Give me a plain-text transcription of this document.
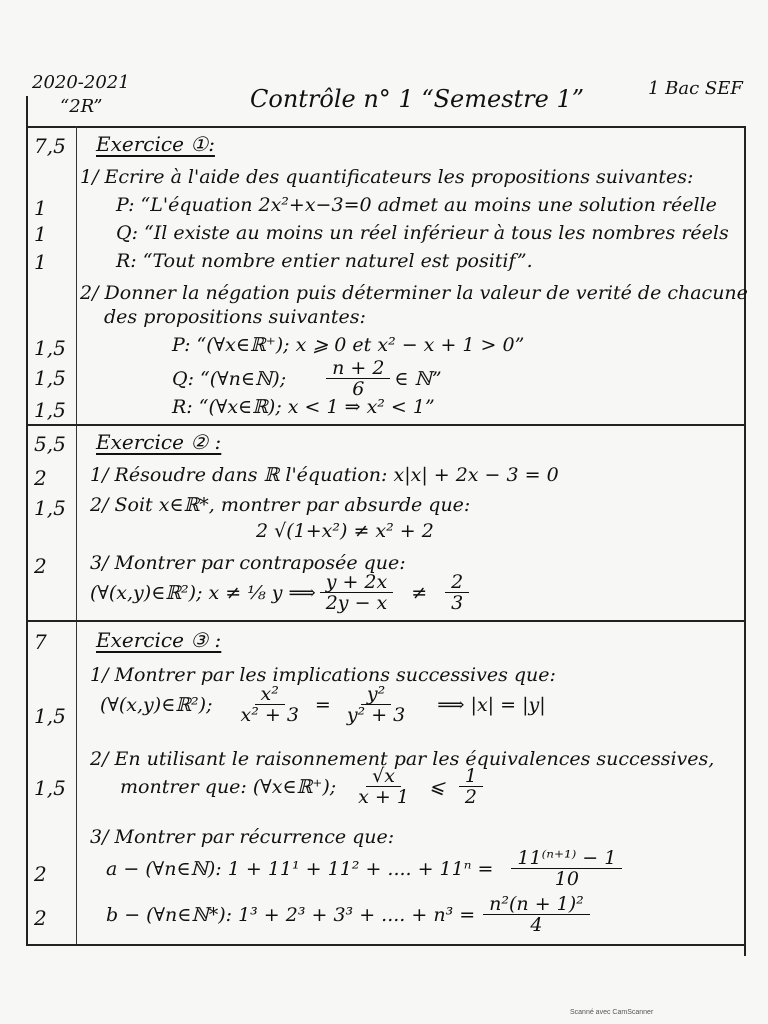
2020-2021
“2R”	Contrôle n° 1 “Semestre 1”	1 Bac SEF
7,5 Exercice ①:
1/ Ecrire à l'aide des quantificateurs les propositions suivantes:
1	P: “L'équation 2x²+x−3=0 admet au moins une solution réelle
1	Q: “Il existe au moins un réel inférieur à tous les nombres réels
1	R: “Tout nombre entier naturel est positif”.
2/ Donner la négation puis déterminer la valeur de verité de chacune
des propositions suivantes:
1,5	P: “(∀x∈ℝ⁺); x ⩾ 0 et x² − x + 1 > 0”
1,5	Q: “(∀n∈ℕ); $\frac{n + 2}{6}$ ∈ ℕ”
1,5	R: “(∀x∈ℝ); x < 1 ⇒ x² < 1”
5,5 Exercice ② :
2 1/ Résoudre dans ℝ l'équation: x|x| + 2x − 3 = 0
1,5 2/ Soit x∈ℝ*, montrer par absurde que:
2 √(1+x²) ≠ x² + 2
2 3/ Montrer par contraposée que:
(∀(x,y)∈ℝ²); x ≠ ⅛ y ⟹ $\frac{y + 2x}{2y - x} \ne \frac{2}{3}$
7 Exercice ③ :
1/ Montrer par les implications successives que:
1,5 (∀(x,y)∈ℝ²); $\frac{\text{x²}}{\text{x² + 3}} = \frac{\text{y²}}{\text{y² + 3}}$ ⟹ |x| = |y|
2/ En utilisant le raisonnement par les équivalences successives,
1,5	montrer que: (∀x∈ℝ⁺); $\frac{√x}{x + 1}$ ⩽ $\frac{1}{2}$
3/ Montrer par récurrence que:
2	a − (∀n∈ℕ): 1 + 11¹ + 11² + .... + $11^n = \frac{\text{11⁽ⁿ⁺¹⁾ − 1}}{10}$
2	b − (∀n∈ℕ*): 1³ + 2³ + 3³ + .... + $n^3 = \frac{\text{n²(n + 1)²}}{4}$
Scanné avec CamScanner
